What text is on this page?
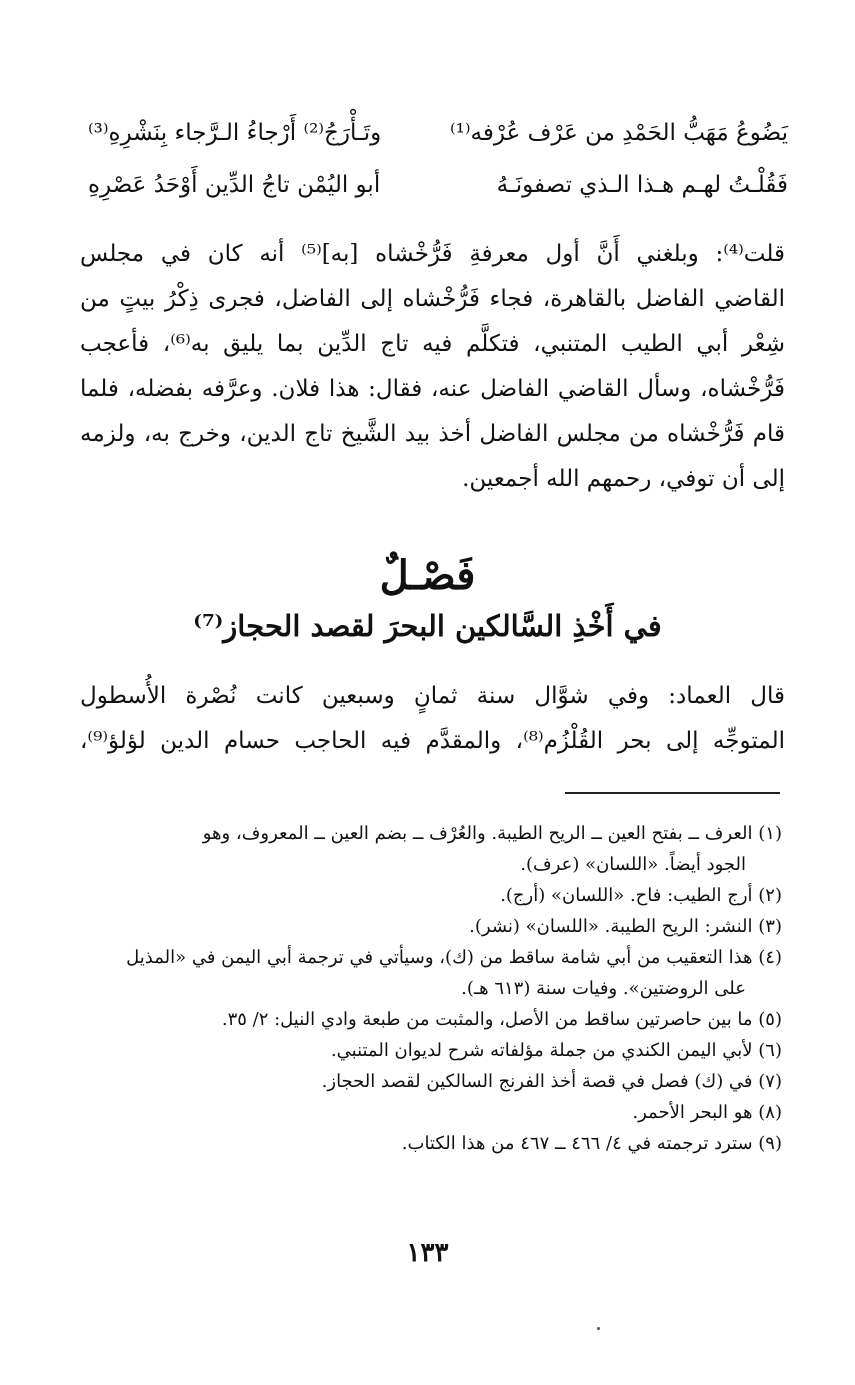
يَضُوعُ مَهَبُّ الحَمْدِ من عَرْف عُرْفه⁽¹⁾
وتَـأْرَجُ⁽²⁾ أَرْجاءُ الـرَّجاء بِنَشْرِهِ⁽³⁾
فَقُلْـتُ لهـم هـذا الـذي تصفونَـهُ
أبو اليُمْن تاجُ الدِّين أَوْحَدُ عَصْرِهِ
قلت⁽⁴⁾: وبلغني أَنَّ أول معرفةِ فَرُّخْشاه [به]⁽⁵⁾ أنه كان في مجلس
القاضي الفاضل بالقاهرة، فجاء فَرُّخْشاه إلى الفاضل، فجرى ذِكْرُ بيتٍ من
شِعْر أبي الطيب المتنبي، فتكلَّم فيه تاج الدِّين بما يليق به⁽⁶⁾، فأعجب
فَرُّخْشاه، وسأل القاضي الفاضل عنه، فقال: هذا فلان. وعرَّفه بفضله، فلما
قام فَرُّخْشاه من مجلس الفاضل أخذ بيد الشَّيخ تاج الدين، وخرج به، ولزمه
إلى أن توفي، رحمهم الله أجمعين.
فَصْـلٌ
في أَخْذِ السَّالكين البحرَ لقصد الحجاز⁽⁷⁾
قال العماد: وفي شوَّال سنة ثمانٍ وسبعين كانت نُصْرة الأُسطول
المتوجِّه إلى بحر القُلْزُم⁽⁸⁾، والمقدَّم فيه الحاجب حسام الدين لؤلؤ⁽⁹⁾،
(١) العرف ــ بفتح العين ــ الريح الطيبة. والعُرْف ــ بضم العين ــ المعروف، وهو
الجود أيضاً. «اللسان» (عرف).
(٢) أرج الطيب: فاح. «اللسان» (أرج).
(٣) النشر: الريح الطيبة. «اللسان» (نشر).
(٤) هذا التعقيب من أبي شامة ساقط من (ك)، وسيأتي في ترجمة أبي اليمن في «المذيل
على الروضتين». وفيات سنة (٦١٣ هـ).
(٥) ما بين حاصرتين ساقط من الأصل، والمثبت من طبعة وادي النيل: ٢/ ٣٥.
(٦) لأبي اليمن الكندي من جملة مؤلفاته شرح لديوان المتنبي.
(٧) في (ك) فصل في قصة أخذ الفرنج السالكين لقصد الحجاز.
(٨) هو البحر الأحمر.
(٩) سترد ترجمته في ٤/ ٤٦٦ ــ ٤٦٧ من هذا الكتاب.
١٣٣
